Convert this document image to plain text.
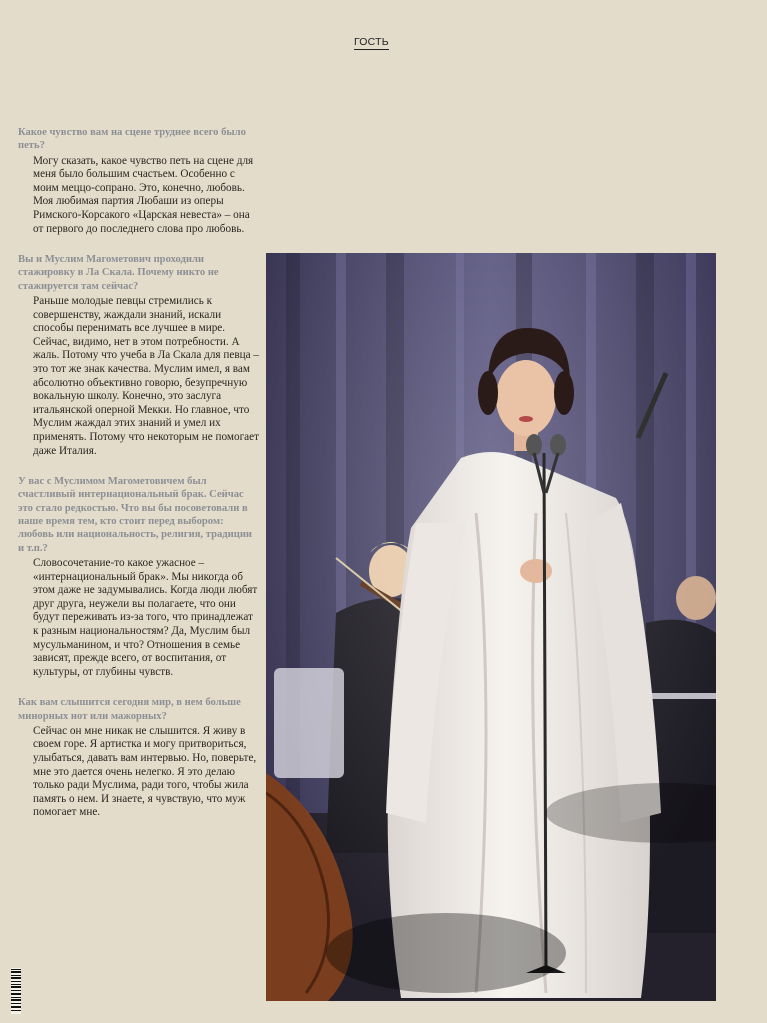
ГОСТЬ

Какое чувство вам на сцене труднее всего было петь?

Могу сказать, какое чувство петь на сцене для меня было большим счастьем. Особенно с моим меццо-сопрано. Это, конечно, любовь. Моя любимая партия Любаши из оперы Римского-Корсакого «Царская невеста» – она от первого до последнего слова про любовь.

Вы и Муслим Магометович проходили стажировку в Ла Скала. Почему никто не стажируется там сейчас?

Раньше молодые певцы стремились к совершенству, жаждали знаний, искали способы перенимать все лучшее в мире. Сейчас, видимо, нет в этом потребности. А жаль. Потому что учеба в Ла Скала для певца – это тот же знак качества. Муслим имел, я вам абсолютно объективно говорю, безупречную вокальную школу. Конечно, это заслуга итальянской оперной Мекки. Но главное, что Муслим жаждал этих знаний и умел их применять. Потому что некоторым не помогает даже Италия.

У вас с Муслимом Магометовичем был счастливый интернациональный брак. Сейчас это стало редкостью. Что вы бы посоветовали в наше время тем, кто стоит перед выбором: любовь или национальность, религия, традиции и т.п.?

Словосочетание-то какое ужасное – «интернациональный брак». Мы никогда об этом даже не задумывались. Когда люди любят друг друга, неужели вы полагаете, что они будут переживать из-за того, что принадлежат к разным национальностям? Да, Муслим был мусульманином, и что? Отношения в семье зависят, прежде всего, от воспитания, от культуры, от глубины чувств.

Как вам слышится сегодня мир, в нем больше минорных нот или мажорных?

Сейчас он мне никак не слышится. Я живу в своем горе. Я артистка и могу притвориться, улыбаться, давать вам интервью. Но, поверьте, мне это дается очень нелегко. Я это делаю только ради Муслима, ради того, чтобы жила память о нем. И знаете, я чувствую, что муж помогает мне.
